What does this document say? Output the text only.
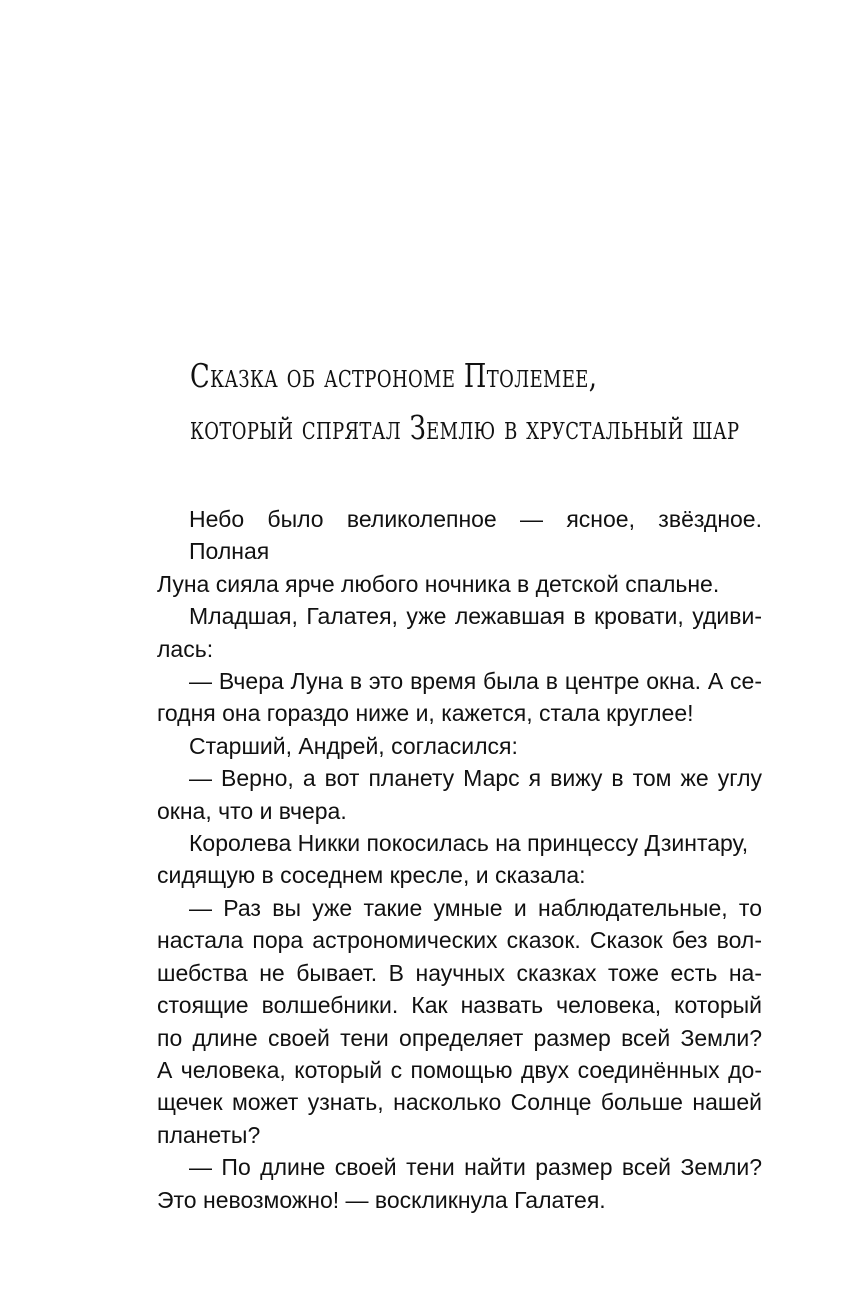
Сказка об астрономе Птолемее,
который спрятал Землю в хрустальный шар
Небо было великолепное — ясное, звёздное. Полная
Луна сияла ярче любого ночника в детской спальне.
Младшая, Галатея, уже лежавшая в кровати, удиви-
лась:
— Вчера Луна в это время была в центре окна. А се-
годня она гораздо ниже и, кажется, стала круглее!
Старший, Андрей, согласился:
— Верно, а вот планету Марс я вижу в том же углу
окна, что и вчера.
Королева Никки покосилась на принцессу Дзинтару,
сидящую в соседнем кресле, и сказала:
— Раз вы уже такие умные и наблюдательные, то
настала пора астрономических сказок. Сказок без вол-
шебства не бывает. В научных сказках тоже есть на-
стоящие волшебники. Как назвать человека, который
по длине своей тени определяет размер всей Земли?
А человека, который с помощью двух соединённых до-
щечек может узнать, насколько Солнце больше нашей
планеты?
— По длине своей тени найти размер всей Земли?
Это невозможно! — воскликнула Галатея.
